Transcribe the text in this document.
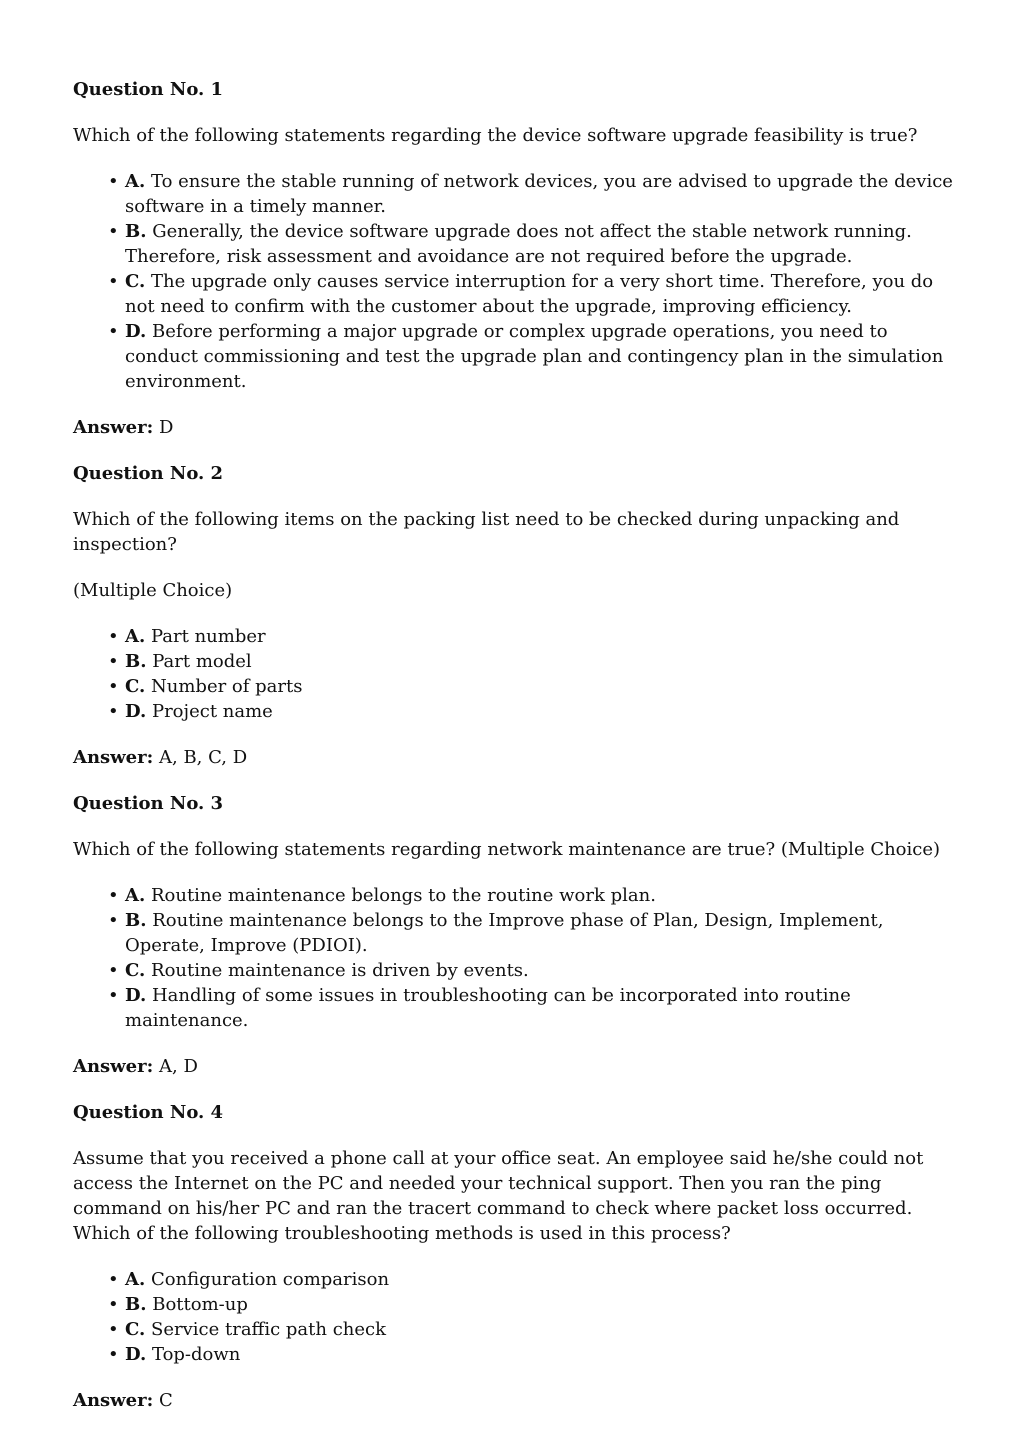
Question No. 1

Which of the following statements regarding the device software upgrade feasibility is true?

• A. To ensure the stable running of network devices, you are advised to upgrade the device software in a timely manner.
• B. Generally, the device software upgrade does not affect the stable network running. Therefore, risk assessment and avoidance are not required before the upgrade.
• C. The upgrade only causes service interruption for a very short time. Therefore, you do not need to confirm with the customer about the upgrade, improving efficiency.
• D. Before performing a major upgrade or complex upgrade operations, you need to conduct commissioning and test the upgrade plan and contingency plan in the simulation environment.

Answer: D

Question No. 2

Which of the following items on the packing list need to be checked during unpacking and inspection?

(Multiple Choice)

• A. Part number
• B. Part model
• C. Number of parts
• D. Project name

Answer: A, B, C, D

Question No. 3

Which of the following statements regarding network maintenance are true? (Multiple Choice)

• A. Routine maintenance belongs to the routine work plan.
• B. Routine maintenance belongs to the Improve phase of Plan, Design, Implement, Operate, Improve (PDIOI).
• C. Routine maintenance is driven by events.
• D. Handling of some issues in troubleshooting can be incorporated into routine maintenance.

Answer: A, D

Question No. 4

Assume that you received a phone call at your office seat. An employee said he/she could not access the Internet on the PC and needed your technical support. Then you ran the ping command on his/her PC and ran the tracert command to check where packet loss occurred. Which of the following troubleshooting methods is used in this process?

• A. Configuration comparison
• B. Bottom-up
• C. Service traffic path check
• D. Top-down

Answer: C
